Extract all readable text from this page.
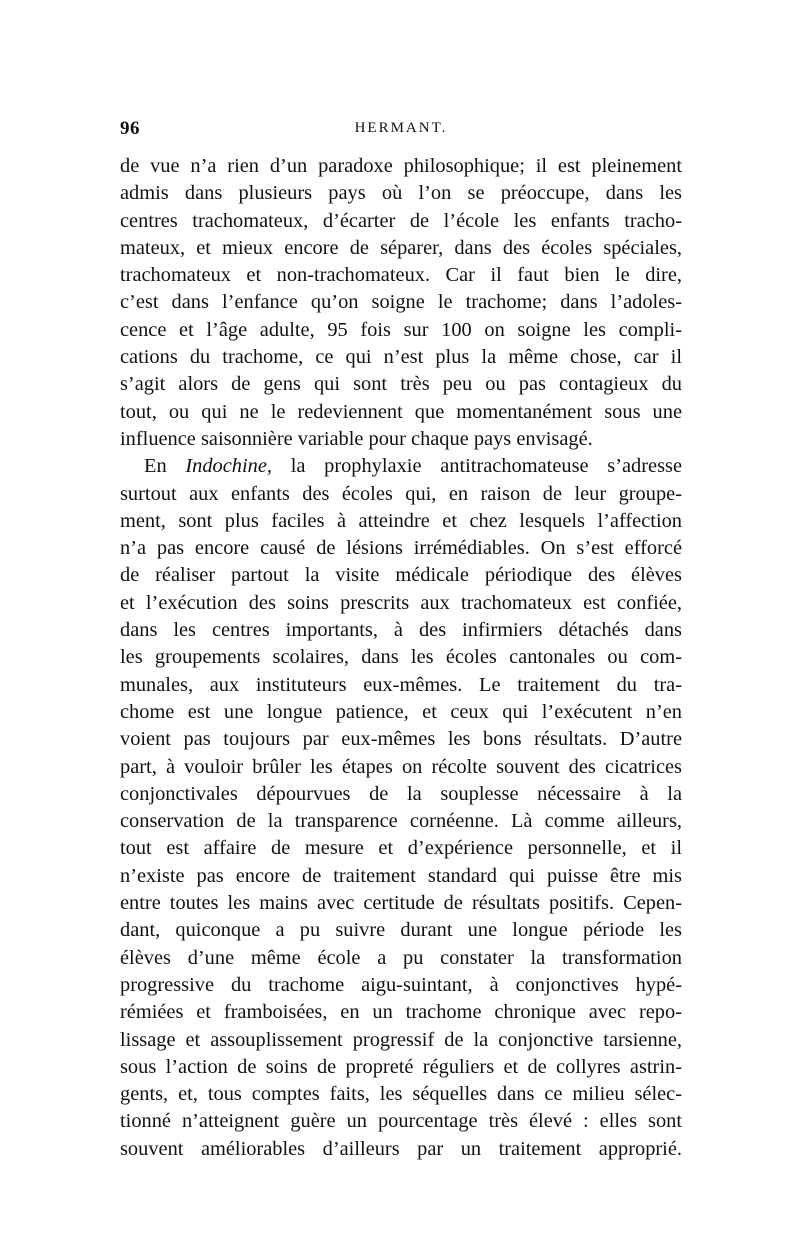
96	HERMANT.
de vue n’a rien d’un paradoxe philosophique; il est pleinement
admis dans plusieurs pays où l’on se préoccupe, dans les
centres trachomateux, d’écarter de l’école les enfants tracho-
mateux, et mieux encore de séparer, dans des écoles spéciales,
trachomateux et non-trachomateux. Car il faut bien le dire,
c’est dans l’enfance qu’on soigne le trachome; dans l’adoles-
cence et l’âge adulte, 95 fois sur 100 on soigne les compli-
cations du trachome, ce qui n’est plus la même chose, car il
s’agit alors de gens qui sont très peu ou pas contagieux du
tout, ou qui ne le redeviennent que momentanément sous une
influence saisonnière variable pour chaque pays envisagé.
En Indochine, la prophylaxie antitrachomateuse s’adresse
surtout aux enfants des écoles qui, en raison de leur groupe-
ment, sont plus faciles à atteindre et chez lesquels l’affection
n’a pas encore causé de lésions irrémédiables. On s’est efforcé
de réaliser partout la visite médicale périodique des élèves
et l’exécution des soins prescrits aux trachomateux est confiée,
dans les centres importants, à des infirmiers détachés dans
les groupements scolaires, dans les écoles cantonales ou com-
munales, aux instituteurs eux-mêmes. Le traitement du tra-
chome est une longue patience, et ceux qui l’exécutent n’en
voient pas toujours par eux-mêmes les bons résultats. D’autre
part, à vouloir brûler les étapes on récolte souvent des cicatrices
conjonctivales dépourvues de la souplesse nécessaire à la
conservation de la transparence cornéenne. Là comme ailleurs,
tout est affaire de mesure et d’expérience personnelle, et il
n’existe pas encore de traitement standard qui puisse être mis
entre toutes les mains avec certitude de résultats positifs. Cepen-
dant, quiconque a pu suivre durant une longue période les
élèves d’une même école a pu constater la transformation
progressive du trachome aigu-suintant, à conjonctives hypé-
rémiées et framboisées, en un trachome chronique avec repo-
lissage et assouplissement progressif de la conjonctive tarsienne,
sous l’action de soins de propreté réguliers et de collyres astrin-
gents, et, tous comptes faits, les séquelles dans ce milieu sélec-
tionné n’atteignent guère un pourcentage très élevé : elles sont
souvent améliorables d’ailleurs par un traitement approprié.
